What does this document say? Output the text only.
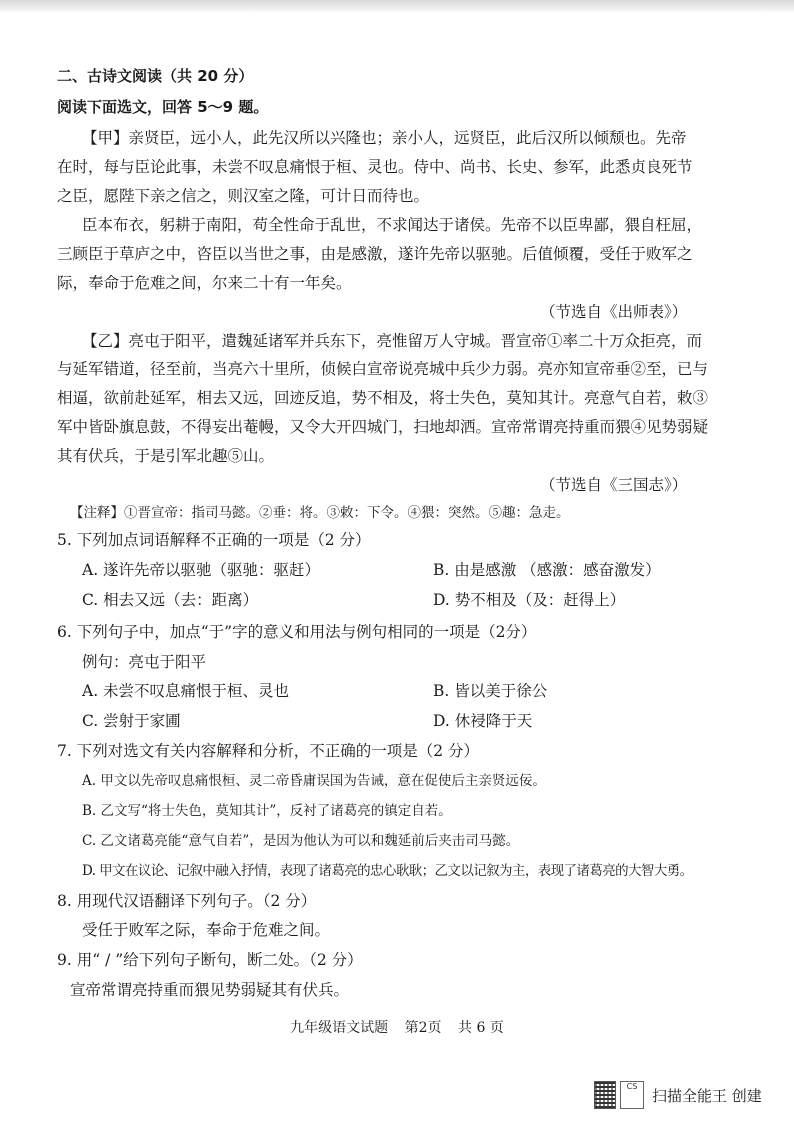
二、古诗文阅读（共 20 分）
阅读下面选文，回答 5～9 题。
【甲】亲贤臣，远小人，此先汉所以兴隆也；亲小人，远贤臣，此后汉所以倾颓也。先帝
在时，每与臣论此事，未尝不叹息痛恨于桓、灵也。侍中、尚书、长史、参军，此悉贞良死节
之臣，愿陛下亲之信之，则汉室之隆，可计日而待也。
臣本布衣，躬耕于南阳，苟全性命于乱世，不求闻达于诸侯。先帝不以臣卑鄙，猥自枉屈，
三顾臣于草庐之中，咨臣以当世之事，由是感激，遂许先帝以驱驰。后值倾覆，受任于败军之
际，奉命于危难之间，尔来二十有一年矣。
（节选自《出师表》）
【乙】亮屯于阳平，遣魏延诸军并兵东下，亮惟留万人守城。晋宣帝①率二十万众拒亮，而
与延军错道，径至前，当亮六十里所，侦候白宣帝说亮城中兵少力弱。亮亦知宣帝垂②至，已与
相逼，欲前赴延军，相去又远，回迹反追，势不相及，将士失色，莫知其计。亮意气自若，敕③
军中皆卧旗息鼓，不得妄出菴幔，又令大开四城门，扫地却洒。宣帝常谓亮持重而猥④见势弱疑
其有伏兵，于是引军北趣⑤山。
（节选自《三国志》）
【注释】①晋宣帝：指司马懿。②垂：将。③敕：下令。④猥：突然。⑤趣：急走。
5. 下列加点词语解释不正确的一项是（2 分）
A. 遂许先帝以驱驰（驱驰：驱赶）	B. 由是感激 （感激：感奋激发）
C. 相去又远（去：距离）	D. 势不相及（及：赶得上）
6. 下列句子中，加点“于”字的意义和用法与例句相同的一项是（2分）
例句：亮屯于阳平
A. 未尝不叹息痛恨于桓、灵也	B. 皆以美于徐公
C. 尝射于家圃	D. 休祲降于天
7. 下列对选文有关内容解释和分析，不正确的一项是（2 分）
A. 甲文以先帝叹息痛恨桓、灵二帝昏庸误国为告诫，意在促使后主亲贤远佞。
B. 乙文写“将士失色，莫知其计”，反衬了诸葛亮的镇定自若。
C. 乙文诸葛亮能“意气自若”，是因为他认为可以和魏延前后夹击司马懿。
D. 甲文在议论、记叙中融入抒情，表现了诸葛亮的忠心耿耿；乙文以记叙为主，表现了诸葛亮的大智大勇。
8. 用现代汉语翻译下列句子。（2 分）
受任于败军之际，奉命于危难之间。
9. 用“ / ”给下列句子断句，断二处。（2 分）
宣帝常谓亮持重而猥见势弱疑其有伏兵。
九年级语文试题 第2页 共 6 页
CS 扫描全能王 创建
